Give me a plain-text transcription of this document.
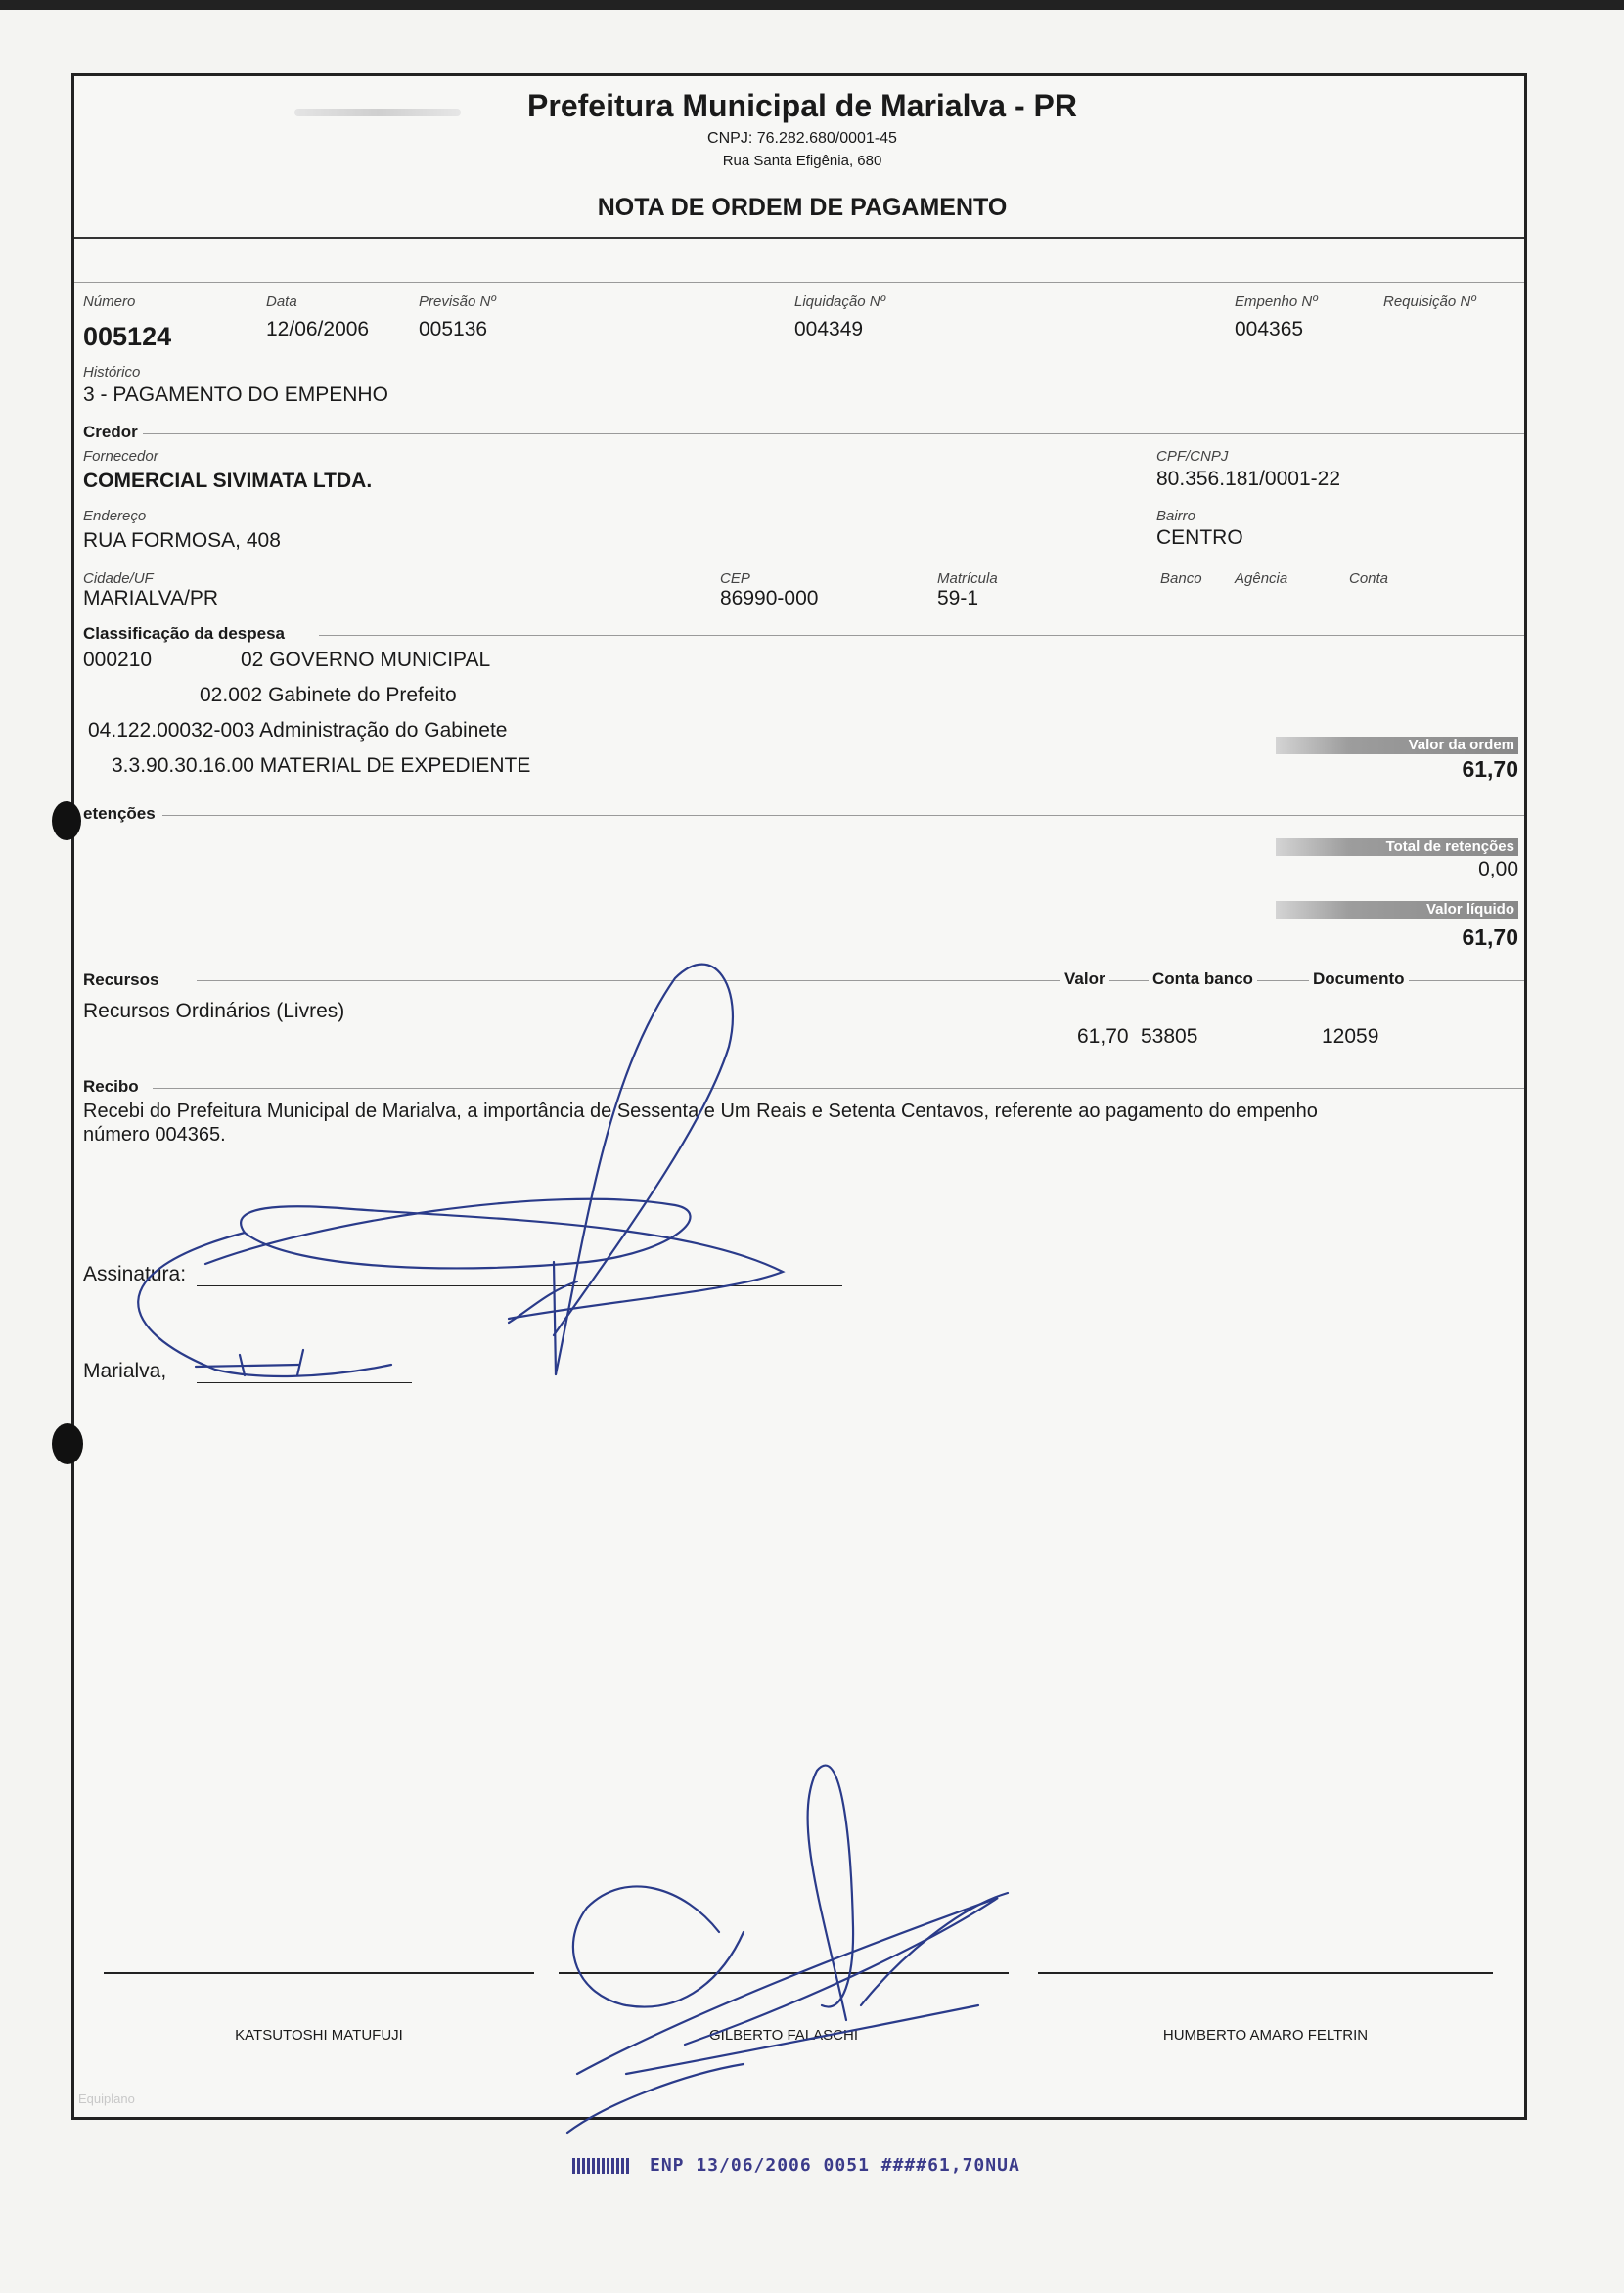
Prefeitura Municipal de Marialva - PR
CNPJ: 76.282.680/0001-45
Rua Santa Efigênia, 680
NOTA DE ORDEM DE PAGAMENTO
Número
005124
Data
12/06/2006
Previsão Nº
005136
Liquidação Nº
004349
Empenho Nº
004365
Requisição Nº
Histórico
3 - PAGAMENTO DO EMPENHO
Credor
Fornecedor
COMERCIAL SIVIMATA LTDA.
CPF/CNPJ
80.356.181/0001-22
Endereço
RUA FORMOSA, 408
Bairro
CENTRO
Cidade/UF
MARIALVA/PR
CEP
86990-000
Matrícula
59-1
Banco Agência	Conta
Classificação da despesa
000210	02 GOVERNO MUNICIPAL
02.002 Gabinete do Prefeito
04.122.00032-003 Administração do Gabinete
3.3.90.30.16.00 MATERIAL DE EXPEDIENTE
Valor da ordem
61,70
etenções
Total de retenções
0,00
Valor líquido
61,70
Recursos	Valor	Conta banco	Documento
Recursos Ordinários (Livres)
61,70 53805	12059
Recibo
Recebi do Prefeitura Municipal de Marialva, a importância de Sessenta e Um Reais e Setenta Centavos, referente ao pagamento do empenho
número 004365.
Assinatura:
Marialva,
KATSUTOSHI MATUFUJI	GILBERTO FALASCHI	HUMBERTO AMARO FELTRIN
Equiplano
ENP 13/06/2006 0051 ####61,70NUA
